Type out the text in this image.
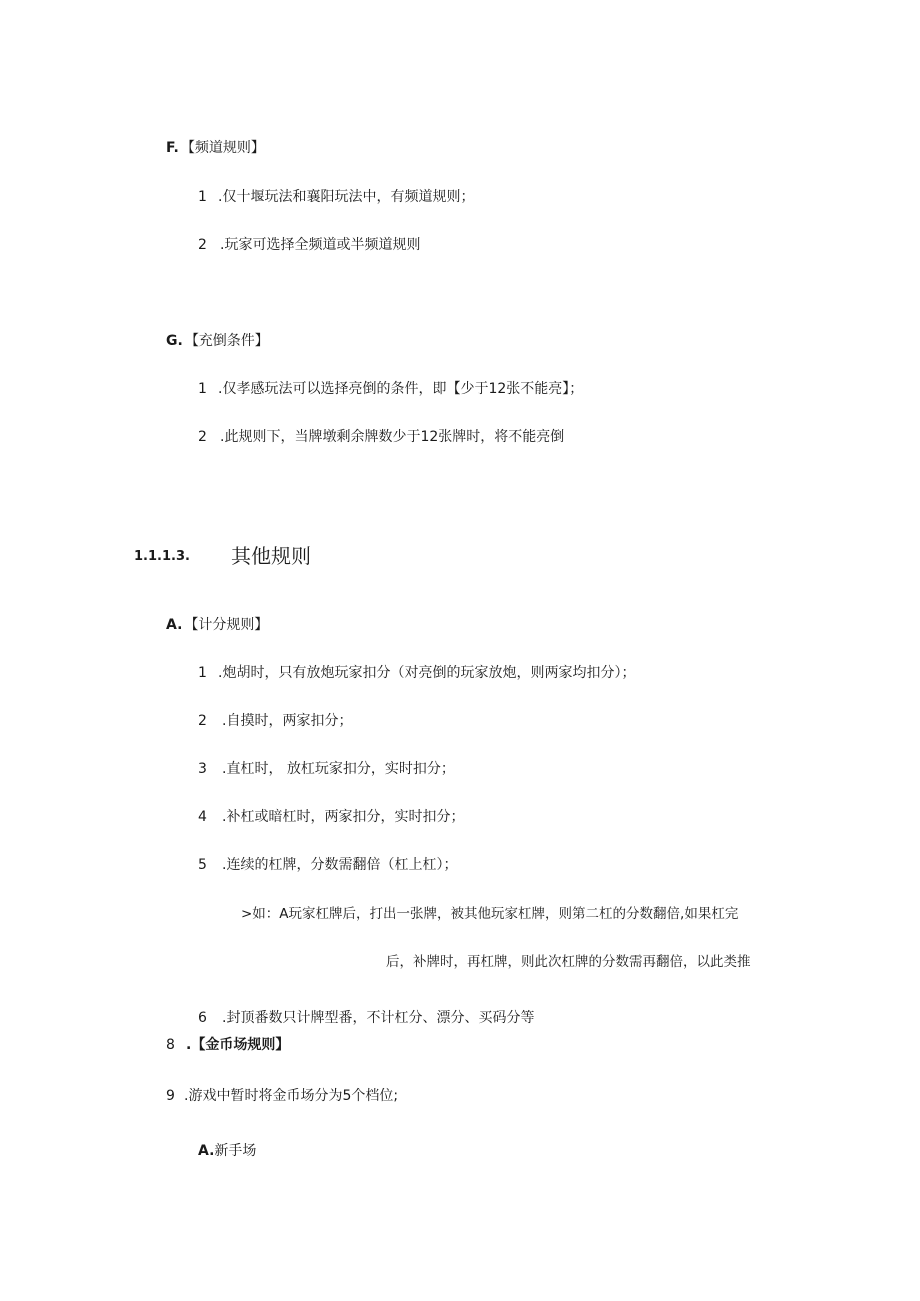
F. 【频道规则】
1 .仅十堰玩法和襄阳玩法中，有频道规则；
2 .玩家可选择全频道或半频道规则
G. 【充倒条件】
1 .仅孝感玩法可以选择亮倒的条件，即【少于12张不能亮】；
2 .此规则下，当牌墩剩余牌数少于12张牌时，将不能亮倒
1.1.1.3. 其他规则
A. 【计分规则】
1 .炮胡时，只有放炮玩家扣分（对亮倒的玩家放炮，则两家均扣分）；
2 .自摸时，两家扣分；
3 .直杠时， 放杠玩家扣分，实时扣分；
4 .补杠或暗杠时，两家扣分，实时扣分；
5 .连续的杠牌，分数需翻倍（杠上杠）；
>如：A玩家杠牌后，打出一张牌，被其他玩家杠牌，则第二杠的分数翻倍,如果杠完
后，补牌时，再杠牌，则此次杠牌的分数需再翻倍，以此类推
6 .封顶番数只计牌型番，不计杠分、漂分、买码分等
8 .【金币场规则】
9 .游戏中暂时将金币场分为5个档位;
A.新手场
